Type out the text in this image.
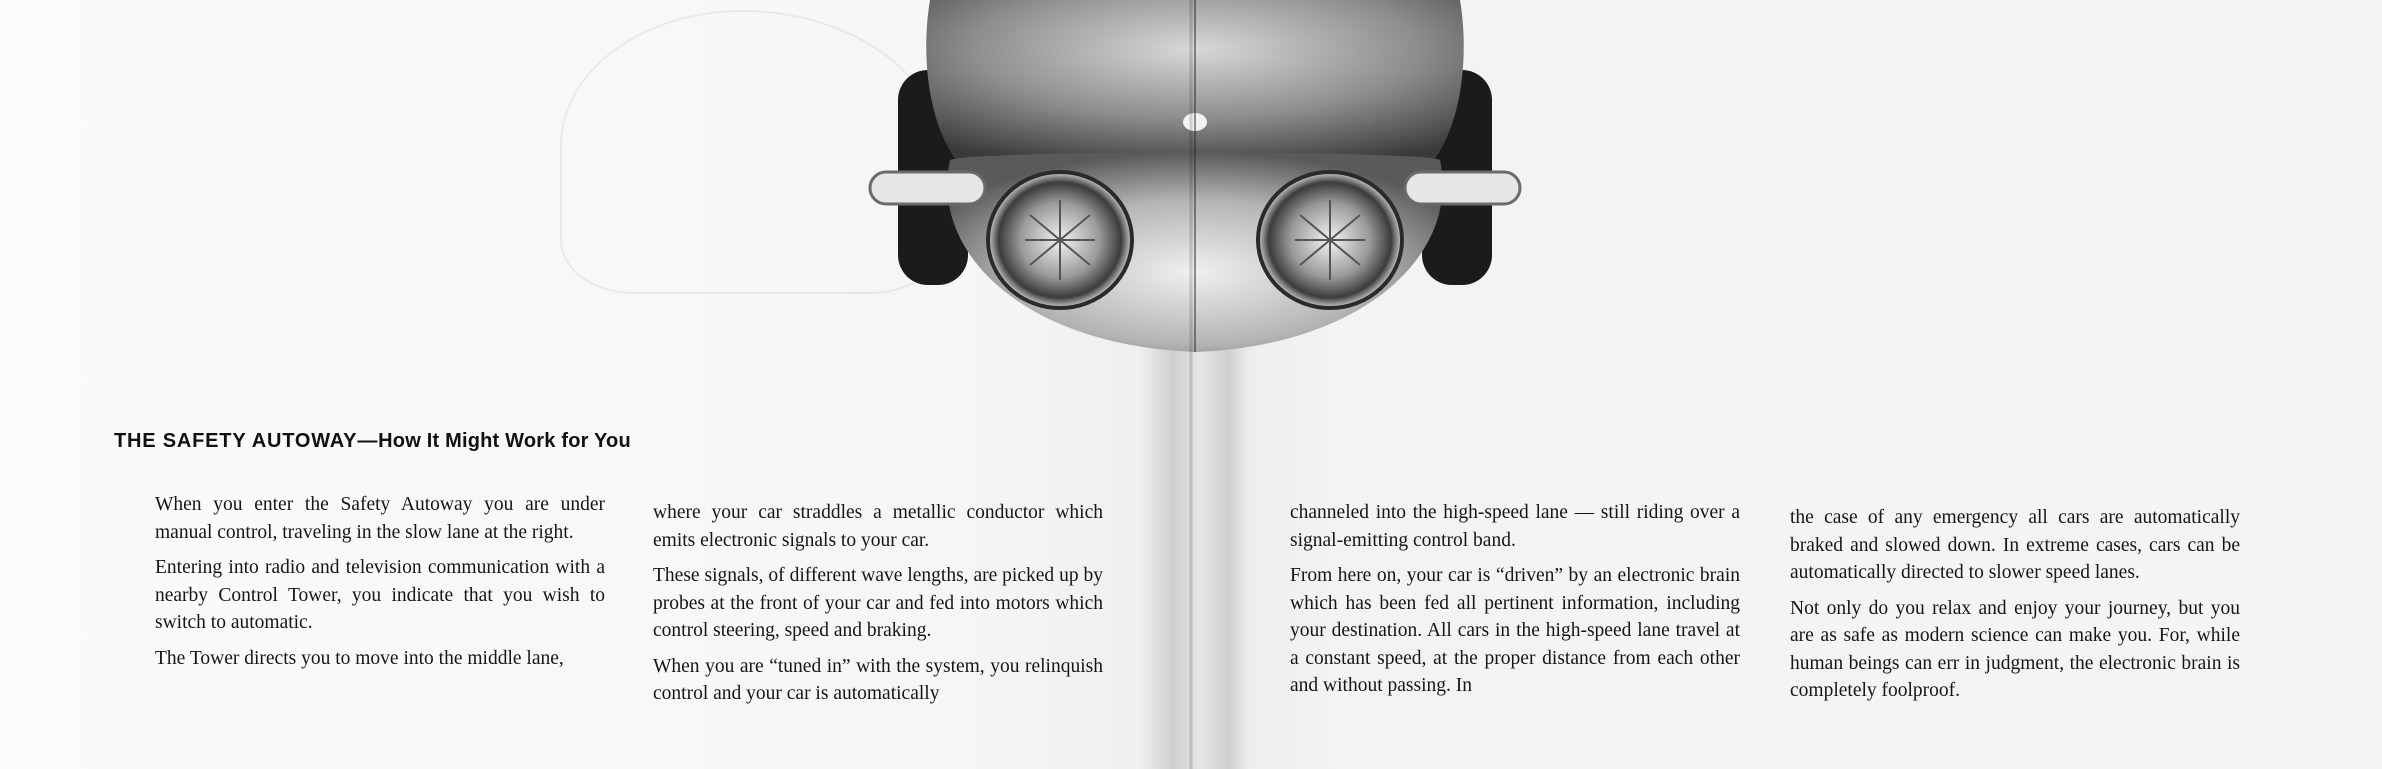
THE SAFETY AUTOWAY—How It Might Work for You

When you enter the Safety Autoway you are under manual control, traveling in the slow lane at the right.

Entering into radio and television communication with a nearby Control Tower, you indicate that you wish to switch to automatic.

The Tower directs you to move into the middle lane,

where your car straddles a metallic conductor which emits electronic signals to your car.

These signals, of different wave lengths, are picked up by probes at the front of your car and fed into motors which control steering, speed and braking.

When you are “tuned in” with the system, you relinquish control and your car is automatically

channeled into the high-speed lane — still riding over a signal-emitting control band.

From here on, your car is “driven” by an electronic brain which has been fed all pertinent information, including your destination. All cars in the high-speed lane travel at a constant speed, at the proper distance from each other and without passing. In

the case of any emergency all cars are automatically braked and slowed down. In extreme cases, cars can be automatically directed to slower speed lanes.

Not only do you relax and enjoy your journey, but you are as safe as modern science can make you. For, while human beings can err in judgment, the electronic brain is completely foolproof.
